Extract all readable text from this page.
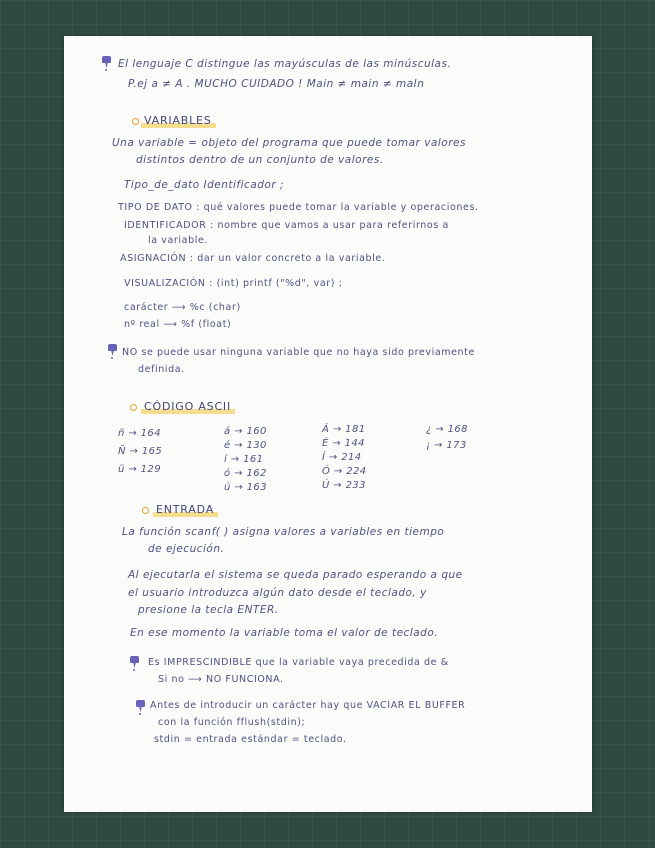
El lenguaje C distingue las mayúsculas de las minúsculas.
P.ej a ≠ A . MUCHO CUIDADO ! Main ≠ main ≠ maIn
VARIABLES
Una variable = objeto del programa que puede tomar valores
distintos dentro de un conjunto de valores.
Tipo_de_dato Identificador ;
TIPO DE DATO : qué valores puede tomar la variable y operaciones.
IDENTIFICADOR : nombre que vamos a usar para referirnos a
la variable.
ASIGNACIÓN : dar un valor concreto a la variable.
VISUALIZACIÓN : (int) printf ("%d", var) ;
carácter ⟶ %c (char)
nº real ⟶ %f (float)
NO se puede usar ninguna variable que no haya sido previamente
definida.
CÓDIGO ASCII
ñ → 164
Ñ → 165
ü → 129
á → 160
é → 130
í → 161
ó → 162
ú → 163
Á → 181
É → 144
Í → 214
Ó → 224
Ú → 233
¿ → 168
¡ → 173
ENTRADA
La función scanf( ) asigna valores a variables en tiempo
de ejecución.
Al ejecutarla el sistema se queda parado esperando a que
el usuario introduzca algún dato desde el teclado, y
presione la tecla ENTER.
En ese momento la variable toma el valor de teclado.
Es IMPRESCINDIBLE que la variable vaya precedida de &
Si no ⟶ NO FUNCIONA.
Antes de introducir un carácter hay que VACIAR EL BUFFER
con la función fflush(stdin);
stdin = entrada estándar = teclado.
